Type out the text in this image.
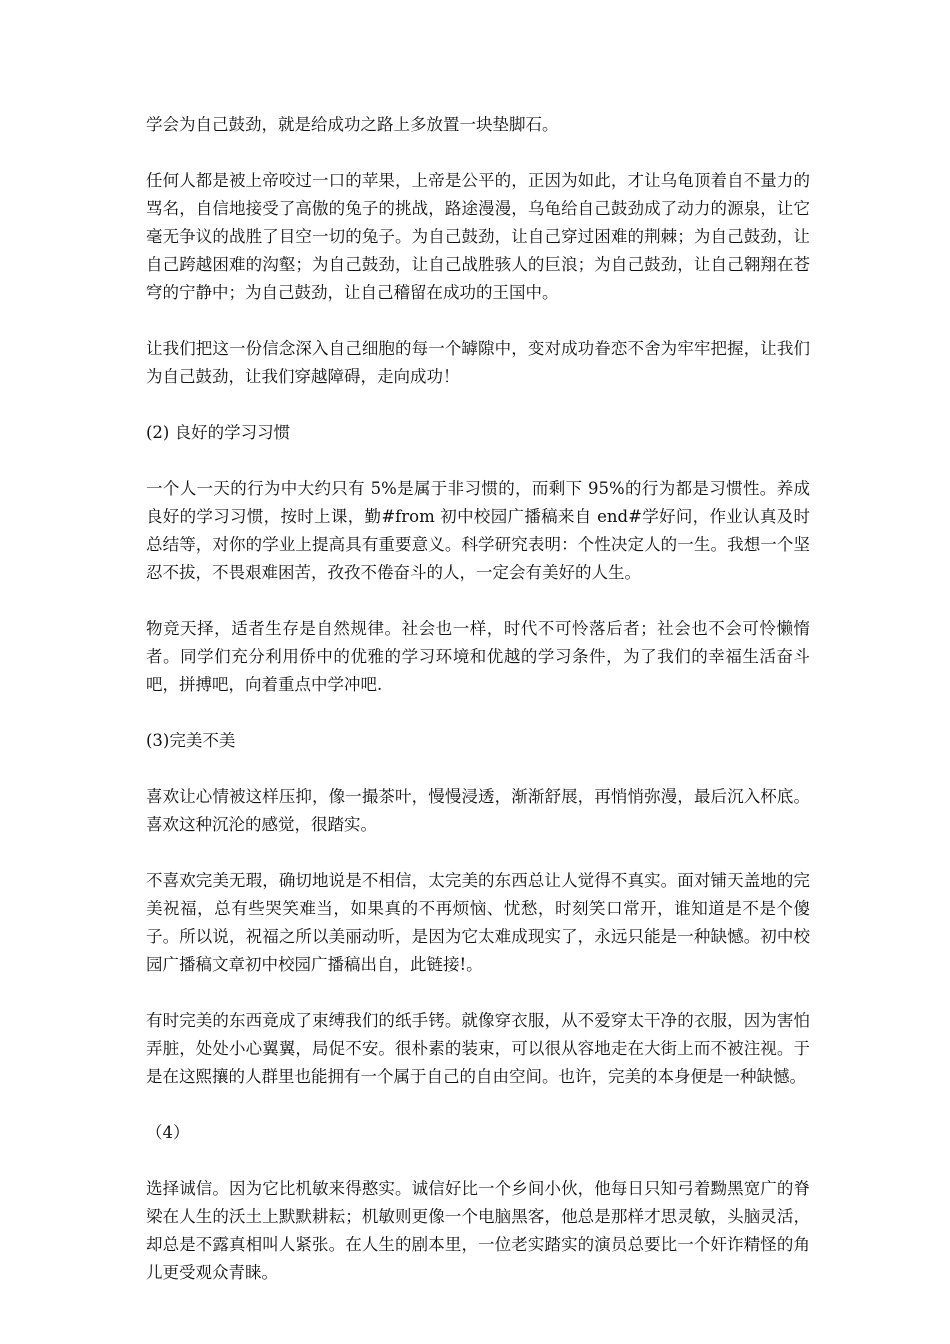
学会为自己鼓劲，就是给成功之路上多放置一块垫脚石。

任何人都是被上帝咬过一口的苹果，上帝是公平的，正因为如此，才让乌龟顶着自不量力的骂名，自信地接受了高傲的兔子的挑战，路途漫漫，乌龟给自己鼓劲成了动力的源泉，让它毫无争议的战胜了目空一切的兔子。为自己鼓劲，让自己穿过困难的荆棘；为自己鼓劲，让自己跨越困难的沟壑；为自己鼓劲，让自己战胜骇人的巨浪；为自己鼓劲，让自己翱翔在苍穹的宁静中；为自己鼓劲，让自己稽留在成功的王国中。

让我们把这一份信念深入自己细胞的每一个罅隙中，变对成功眷恋不舍为牢牢把握，让我们为自己鼓劲，让我们穿越障碍，走向成功！

(2) 良好的学习习惯

一个人一天的行为中大约只有 5%是属于非习惯的，而剩下 95%的行为都是习惯性。养成良好的学习习惯，按时上课，勤#from 初中校园广播稿来自 end#学好问，作业认真及时总结等，对你的学业上提高具有重要意义。科学研究表明：个性决定人的一生。我想一个坚忍不拔，不畏艰难困苦，孜孜不倦奋斗的人，一定会有美好的人生。

物竞天择，适者生存是自然规律。社会也一样，时代不可怜落后者；社会也不会可怜懒惰者。同学们充分利用侨中的优雅的学习环境和优越的学习条件，为了我们的幸福生活奋斗吧，拼搏吧，向着重点中学冲吧.

(3)完美不美

喜欢让心情被这样压抑，像一撮茶叶，慢慢浸透，渐渐舒展，再悄悄弥漫，最后沉入杯底。喜欢这种沉沦的感觉，很踏实。

不喜欢完美无瑕，确切地说是不相信，太完美的东西总让人觉得不真实。面对铺天盖地的完美祝福，总有些哭笑难当，如果真的不再烦恼、忧愁，时刻笑口常开，谁知道是不是个傻子。所以说，祝福之所以美丽动听，是因为它太难成现实了，永远只能是一种缺憾。初中校园广播稿文章初中校园广播稿出自，此链接!。

有时完美的东西竟成了束缚我们的纸手铐。就像穿衣服，从不爱穿太干净的衣服，因为害怕弄脏，处处小心翼翼，局促不安。很朴素的装束，可以很从容地走在大街上而不被注视。于是在这熙攘的人群里也能拥有一个属于自己的自由空间。也许，完美的本身便是一种缺憾。

（4）

选择诚信。因为它比机敏来得憨实。诚信好比一个乡间小伙，他每日只知弓着黝黑宽广的脊梁在人生的沃土上默默耕耘；机敏则更像一个电脑黑客，他总是那样才思灵敏，头脑灵活，却总是不露真相叫人紧张。在人生的剧本里，一位老实踏实的演员总要比一个奸诈精怪的角儿更受观众青睐。
